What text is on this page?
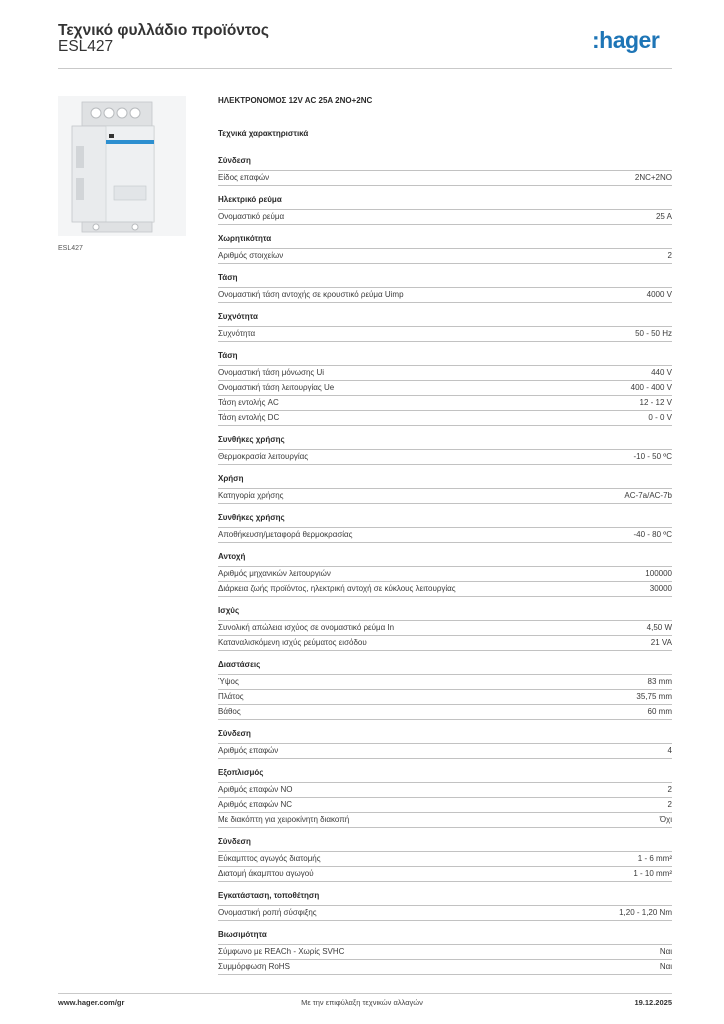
Τεχνικό φυλλάδιο προϊόντος
ESL427	:hager
ESL427
ΗΛΕΚΤΡΟΝΟΜΟΣ 12V AC 25A 2NO+2NC
Τεχνικά χαρακτηριστικά
Σύνδεση
Είδος επαφών	2NC+2NO
Ηλεκτρικό ρεύμα
Ονομαστικό ρεύμα	25 A
Χωρητικότητα
Αριθμός στοιχείων	2
Τάση
Ονομαστική τάση αντοχής σε κρουστικό ρεύμα Uimp	4000 V
Συχνότητα
Συχνότητα	50 - 50 Hz
Τάση
Ονομαστική τάση μόνωσης Ui	440 V
Ονομαστική τάση λειτουργίας Ue	400 - 400 V
Τάση εντολής AC	12 - 12 V
Τάση εντολής DC	0 - 0 V
Συνθήκες χρήσης
Θερμοκρασία λειτουργίας	-10 - 50 ºC
Χρήση
Κατηγορία χρήσης	AC-7a/AC-7b
Συνθήκες χρήσης
Αποθήκευση/μεταφορά θερμοκρασίας	-40 - 80 ºC
Αντοχή
Αριθμός μηχανικών λειτουργιών	100000
Διάρκεια ζωής προϊόντος, ηλεκτρική αντοχή σε κύκλους λειτουργίας	30000
Ισχύς
Συνολική απώλεια ισχύος σε ονομαστικό ρεύμα In	4,50 W
Καταναλισκόμενη ισχύς ρεύματος εισόδου	21 VA
Διαστάσεις
Ύψος	83 mm
Πλάτος	35,75 mm
Βάθος	60 mm
Σύνδεση
Αριθμός επαφών	4
Εξοπλισμός
Αριθμός επαφών NO	2
Αριθμός επαφών NC	2
Με διακόπτη για χειροκίνητη διακοπή	Όχι
Σύνδεση
Εύκαμπτος αγωγός διατομής	1 - 6 mm²
Διατομή άκαμπτου αγωγού	1 - 10 mm²
Εγκατάσταση, τοποθέτηση
Ονομαστική ροπή σύσφιξης	1,20 - 1,20 Nm
Βιωσιμότητα
Σύμφωνο με REACh - Χωρίς SVHC	Ναι
Συμμόρφωση RoHS	Ναι
www.hager.com/gr	Με την επιφύλαξη τεχνικών αλλαγών	19.12.2025
